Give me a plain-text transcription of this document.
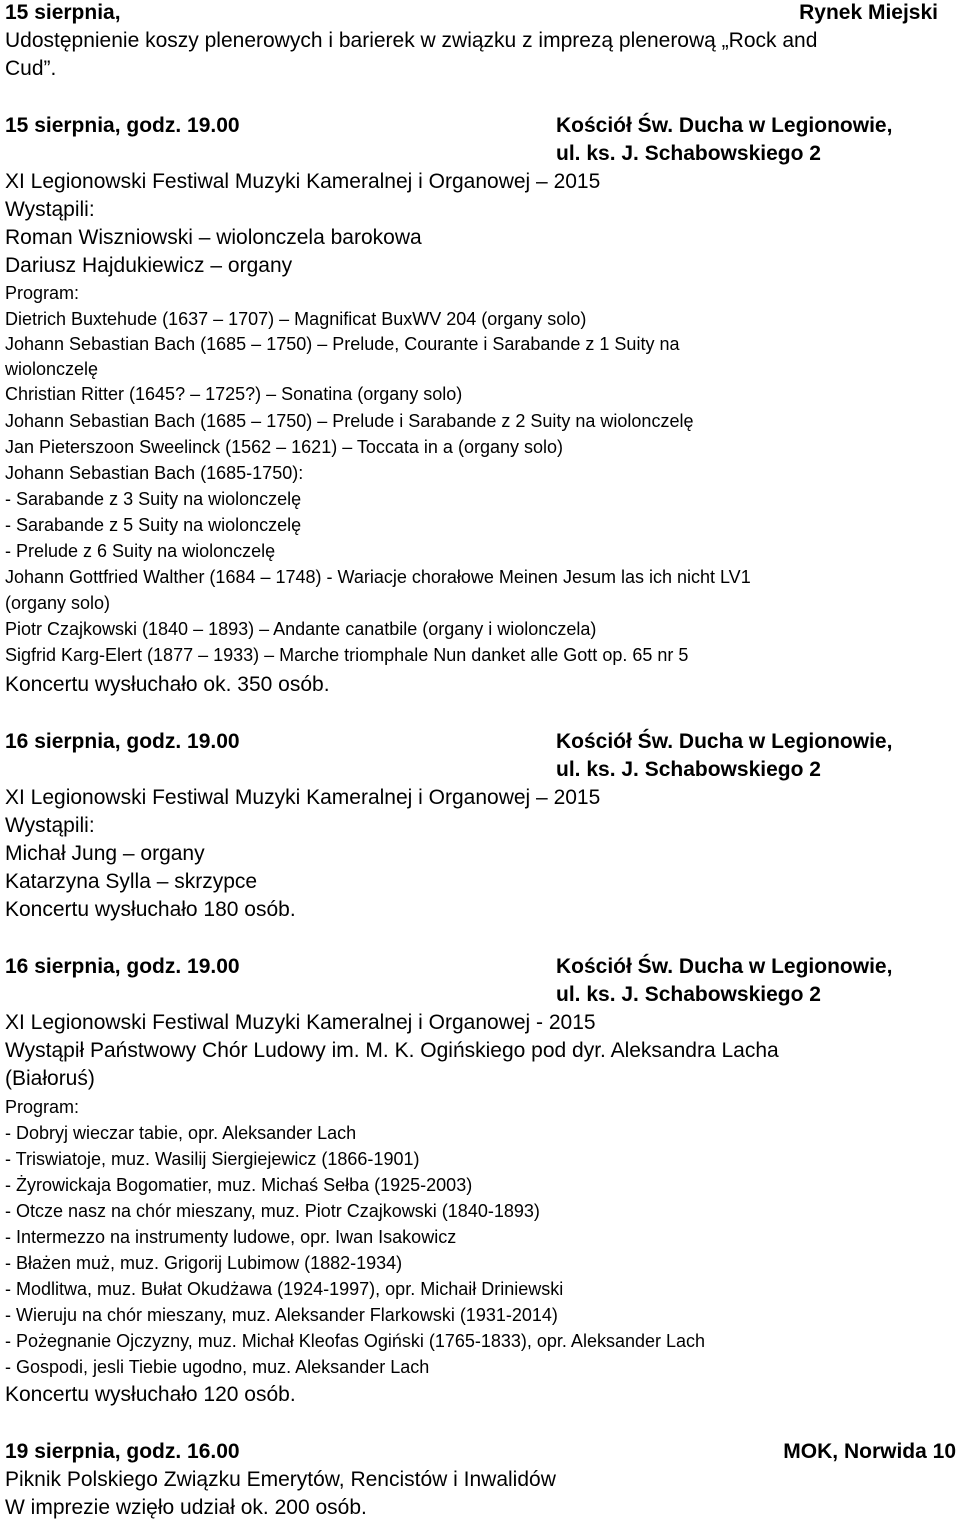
15 sierpnia,	Rynek Miejski
Udostępnienie koszy plenerowych i barierek w związku z imprezą plenerową „Rock and
Cud”.
15 sierpnia, godz. 19.00	Kościół Św. Ducha w Legionowie,
ul. ks. J. Schabowskiego 2
XI Legionowski Festiwal Muzyki Kameralnej i Organowej – 2015
Wystąpili:
Roman Wiszniowski – wiolonczela barokowa
Dariusz Hajdukiewicz – organy
Program:
Dietrich Buxtehude (1637 – 1707) – Magnificat BuxWV 204 (organy solo)
Johann Sebastian Bach (1685 – 1750) – Prelude, Courante i Sarabande z 1 Suity na
wiolonczelę
Christian Ritter (1645? – 1725?) – Sonatina (organy solo)
Johann Sebastian Bach (1685 – 1750) – Prelude i Sarabande z 2 Suity na wiolonczelę
Jan Pieterszoon Sweelinck (1562 – 1621) – Toccata in a (organy solo)
Johann Sebastian Bach (1685-1750):
- Sarabande z 3 Suity na wiolonczelę
- Sarabande z 5 Suity na wiolonczelę
- Prelude z 6 Suity na wiolonczelę
Johann Gottfried Walther (1684 – 1748) - Wariacje chorałowe Meinen Jesum las ich nicht LV1
(organy solo)
Piotr Czajkowski (1840 – 1893) – Andante canatbile (organy i wiolonczela)
Sigfrid Karg-Elert (1877 – 1933) – Marche triomphale Nun danket alle Gott op. 65 nr 5
Koncertu wysłuchało ok. 350 osób.
16 sierpnia, godz. 19.00	Kościół Św. Ducha w Legionowie,
ul. ks. J. Schabowskiego 2
XI Legionowski Festiwal Muzyki Kameralnej i Organowej – 2015
Wystąpili:
Michał Jung – organy
Katarzyna Sylla – skrzypce
Koncertu wysłuchało 180 osób.
16 sierpnia, godz. 19.00	Kościół Św. Ducha w Legionowie,
ul. ks. J. Schabowskiego 2
XI Legionowski Festiwal Muzyki Kameralnej i Organowej - 2015
Wystąpił Państwowy Chór Ludowy im. M. K. Ogińskiego pod dyr. Aleksandra Lacha
(Białoruś)
Program:
- Dobryj wieczar tabie, opr. Aleksander Lach
- Triswiatoje, muz. Wasilij Siergiejewicz (1866-1901)
- Żyrowickaja Bogomatier, muz. Michaś Sełba (1925-2003)
- Otcze nasz na chór mieszany, muz. Piotr Czajkowski (1840-1893)
- Intermezzo na instrumenty ludowe, opr. Iwan Isakowicz
- Błażen muż, muz. Grigorij Lubimow (1882-1934)
- Modlitwa, muz. Bułat Okudżawa (1924-1997), opr. Michaił Driniewski
- Wieruju na chór mieszany, muz. Aleksander Flarkowski (1931-2014)
- Pożegnanie Ojczyzny, muz. Michał Kleofas Ogiński (1765-1833), opr. Aleksander Lach
- Gospodi, jesli Tiebie ugodno, muz. Aleksander Lach
Koncertu wysłuchało 120 osób.
19 sierpnia, godz. 16.00	MOK, Norwida 10
Piknik Polskiego Związku Emerytów, Rencistów i Inwalidów
W imprezie wzięło udział ok. 200 osób.
